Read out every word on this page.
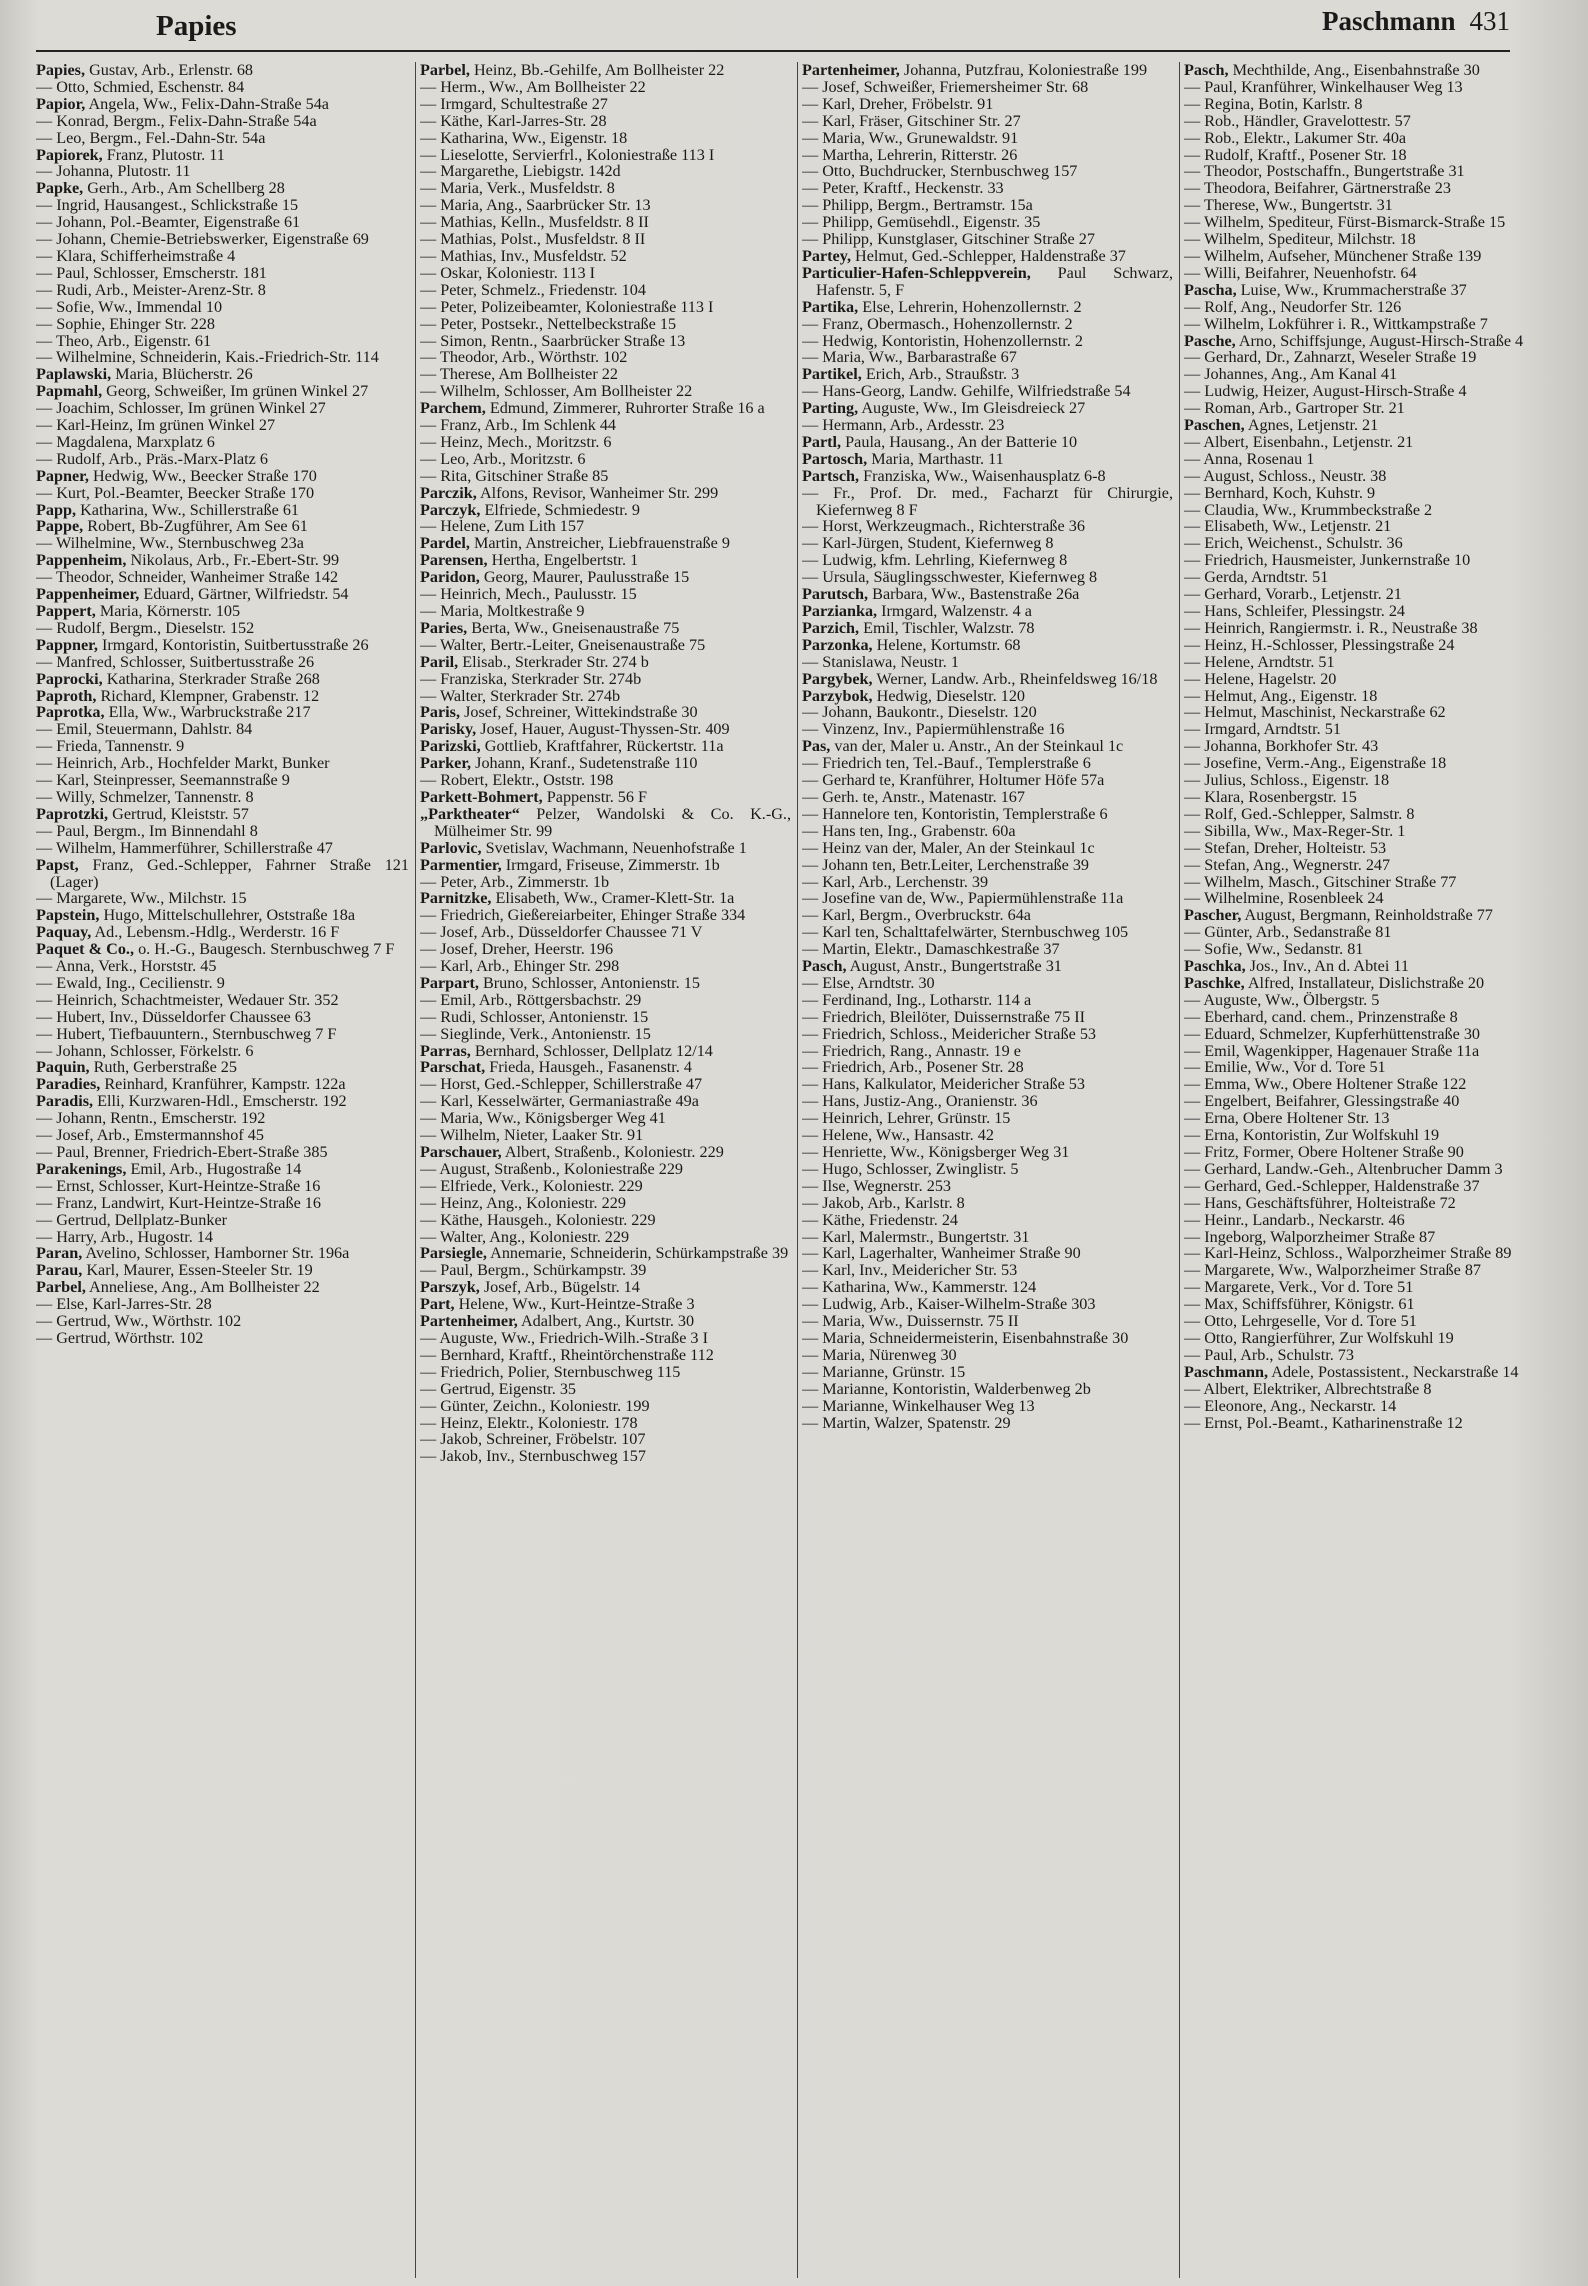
Papies	Paschmann 431

Papies, Gustav, Arb., Erlenstr. 68

— Otto, Schmied, Eschenstr. 84

Papior, Angela, Ww., Felix-Dahn-Straße 54a

— Konrad, Bergm., Felix-Dahn-Straße 54a

— Leo, Bergm., Fel.-Dahn-Str. 54a

Papiorek, Franz, Plutostr. 11

— Johanna, Plutostr. 11

Papke, Gerh., Arb., Am Schellberg 28

— Ingrid, Hausangest., Schlickstraße 15

— Johann, Pol.-Beamter, Eigenstraße 61

— Johann, Chemie-Betriebswerker, Eigenstraße 69

— Klara, Schifferheimstraße 4

— Paul, Schlosser, Emscherstr. 181

— Rudi, Arb., Meister-Arenz-Str. 8

— Sofie, Ww., Immendal 10

— Sophie, Ehinger Str. 228

— Theo, Arb., Eigenstr. 61

— Wilhelmine, Schneiderin, Kais.-Friedrich-Str. 114

Paplawski, Maria, Blücherstr. 26

Papmahl, Georg, Schweißer, Im grünen Winkel 27

— Joachim, Schlosser, Im grünen Winkel 27

— Karl-Heinz, Im grünen Winkel 27

— Magdalena, Marxplatz 6

— Rudolf, Arb., Präs.-Marx-Platz 6

Papner, Hedwig, Ww., Beecker Straße 170

— Kurt, Pol.-Beamter, Beecker Straße 170

Papp, Katharina, Ww., Schillerstraße 61

Pappe, Robert, Bb-Zugführer, Am See 61

— Wilhelmine, Ww., Sternbuschweg 23a

Pappenheim, Nikolaus, Arb., Fr.-Ebert-Str. 99

— Theodor, Schneider, Wanheimer Straße 142

Pappenheimer, Eduard, Gärtner, Wilfriedstr. 54

Pappert, Maria, Körnerstr. 105

— Rudolf, Bergm., Dieselstr. 152

Pappner, Irmgard, Kontoristin, Suitbertusstraße 26

— Manfred, Schlosser, Suitbertusstraße 26

Paprocki, Katharina, Sterkrader Straße 268

Paproth, Richard, Klempner, Grabenstr. 12

Paprotka, Ella, Ww., Warbruckstraße 217

— Emil, Steuermann, Dahlstr. 84

— Frieda, Tannenstr. 9

— Heinrich, Arb., Hochfelder Markt, Bunker

— Karl, Steinpresser, Seemannstraße 9

— Willy, Schmelzer, Tannenstr. 8

Paprotzki, Gertrud, Kleiststr. 57

— Paul, Bergm., Im Binnendahl 8

— Wilhelm, Hammerführer, Schillerstraße 47

Papst, Franz, Ged.-Schlepper, Fahrner Straße 121 (Lager)

— Margarete, Ww., Milchstr. 15

Papstein, Hugo, Mittelschullehrer, Oststraße 18a

Paquay, Ad., Lebensm.-Hdlg., Werderstr. 16 F

Paquet & Co., o. H.-G., Baugesch. Sternbuschweg 7 F

— Anna, Verk., Horststr. 45

— Ewald, Ing., Cecilienstr. 9

— Heinrich, Schachtmeister, Wedauer Str. 352

— Hubert, Inv., Düsseldorfer Chaussee 63

— Hubert, Tiefbauuntern., Sternbuschweg 7 F

— Johann, Schlosser, Förkelstr. 6

Paquin, Ruth, Gerberstraße 25

Paradies, Reinhard, Kranführer, Kampstr. 122a

Paradis, Elli, Kurzwaren-Hdl., Emscherstr. 192

— Johann, Rentn., Emscherstr. 192

— Josef, Arb., Emstermannshof 45

— Paul, Brenner, Friedrich-Ebert-Straße 385

Parakenings, Emil, Arb., Hugostraße 14

— Ernst, Schlosser, Kurt-Heintze-Straße 16

— Franz, Landwirt, Kurt-Heintze-Straße 16

— Gertrud, Dellplatz-Bunker

— Harry, Arb., Hugostr. 14

Paran, Avelino, Schlosser, Hamborner Str. 196a

Parau, Karl, Maurer, Essen-Steeler Str. 19

Parbel, Anneliese, Ang., Am Bollheister 22

— Else, Karl-Jarres-Str. 28

— Gertrud, Ww., Wörthstr. 102

— Gertrud, Wörthstr. 102

Parbel, Heinz, Bb.-Gehilfe, Am Bollheister 22

— Herm., Ww., Am Bollheister 22

— Irmgard, Schultestraße 27

— Käthe, Karl-Jarres-Str. 28

— Katharina, Ww., Eigenstr. 18

— Lieselotte, Servierfrl., Koloniestraße 113 I

— Margarethe, Liebigstr. 142d

— Maria, Verk., Musfeldstr. 8

— Maria, Ang., Saarbrücker Str. 13

— Mathias, Kelln., Musfeldstr. 8 II

— Mathias, Polst., Musfeldstr. 8 II

— Mathias, Inv., Musfeldstr. 52

— Oskar, Koloniestr. 113 I

— Peter, Schmelz., Friedenstr. 104

— Peter, Polizeibeamter, Koloniestraße 113 I

— Peter, Postsekr., Nettelbeckstraße 15

— Simon, Rentn., Saarbrücker Straße 13

— Theodor, Arb., Wörthstr. 102

— Therese, Am Bollheister 22

— Wilhelm, Schlosser, Am Bollheister 22

Parchem, Edmund, Zimmerer, Ruhrorter Straße 16 a

— Franz, Arb., Im Schlenk 44

— Heinz, Mech., Moritzstr. 6

— Leo, Arb., Moritzstr. 6

— Rita, Gitschiner Straße 85

Parczik, Alfons, Revisor, Wanheimer Str. 299

Parczyk, Elfriede, Schmiedestr. 9

— Helene, Zum Lith 157

Pardel, Martin, Anstreicher, Liebfrauenstraße 9

Parensen, Hertha, Engelbertstr. 1

Paridon, Georg, Maurer, Paulusstraße 15

— Heinrich, Mech., Paulusstr. 15

— Maria, Moltkestraße 9

Paries, Berta, Ww., Gneisenaustraße 75

— Walter, Bertr.-Leiter, Gneisenaustraße 75

Paril, Elisab., Sterkrader Str. 274 b

— Franziska, Sterkrader Str. 274b

— Walter, Sterkrader Str. 274b

Paris, Josef, Schreiner, Wittekindstraße 30

Parisky, Josef, Hauer, August-Thyssen-Str. 409

Parizski, Gottlieb, Kraftfahrer, Rückertstr. 11a

Parker, Johann, Kranf., Sudetenstraße 110

— Robert, Elektr., Oststr. 198

Parkett-Bohmert, Pappenstr. 56 F

„Parktheater“ Pelzer, Wandolski & Co. K.-G., Mülheimer Str. 99

Parlovic, Svetislav, Wachmann, Neuenhofstraße 1

Parmentier, Irmgard, Friseuse, Zimmerstr. 1b

— Peter, Arb., Zimmerstr. 1b

Parnitzke, Elisabeth, Ww., Cramer-Klett-Str. 1a

— Friedrich, Gießereiarbeiter, Ehinger Straße 334

— Josef, Arb., Düsseldorfer Chaussee 71 V

— Josef, Dreher, Heerstr. 196

— Karl, Arb., Ehinger Str. 298

Parpart, Bruno, Schlosser, Antonienstr. 15

— Emil, Arb., Röttgersbachstr. 29

— Rudi, Schlosser, Antonienstr. 15

— Sieglinde, Verk., Antonienstr. 15

Parras, Bernhard, Schlosser, Dellplatz 12/14

Parschat, Frieda, Hausgeh., Fasanenstr. 4

— Horst, Ged.-Schlepper, Schillerstraße 47

— Karl, Kesselwärter, Germaniastraße 49a

— Maria, Ww., Königsberger Weg 41

— Wilhelm, Nieter, Laaker Str. 91

Parschauer, Albert, Straßenb., Koloniestr. 229

— August, Straßenb., Koloniestraße 229

— Elfriede, Verk., Koloniestr. 229

— Heinz, Ang., Koloniestr. 229

— Käthe, Hausgeh., Koloniestr. 229

— Walter, Ang., Koloniestr. 229

Parsiegle, Annemarie, Schneiderin, Schürkampstraße 39

— Paul, Bergm., Schürkampstr. 39

Parszyk, Josef, Arb., Bügelstr. 14

Part, Helene, Ww., Kurt-Heintze-Straße 3

Partenheimer, Adalbert, Ang., Kurtstr. 30

— Auguste, Ww., Friedrich-Wilh.-Straße 3 I

— Bernhard, Kraftf., Rheintörchenstraße 112

— Friedrich, Polier, Sternbuschweg 115

— Gertrud, Eigenstr. 35

— Günter, Zeichn., Koloniestr. 199

— Heinz, Elektr., Koloniestr. 178

— Jakob, Schreiner, Fröbelstr. 107

— Jakob, Inv., Sternbuschweg 157

Partenheimer, Johanna, Putzfrau, Koloniestraße 199

— Josef, Schweißer, Friemersheimer Str. 68

— Karl, Dreher, Fröbelstr. 91

— Karl, Fräser, Gitschiner Str. 27

— Maria, Ww., Grunewaldstr. 91

— Martha, Lehrerin, Ritterstr. 26

— Otto, Buchdrucker, Sternbuschweg 157

— Peter, Kraftf., Heckenstr. 33

— Philipp, Bergm., Bertramstr. 15a

— Philipp, Gemüsehdl., Eigenstr. 35

— Philipp, Kunstglaser, Gitschiner Straße 27

Partey, Helmut, Ged.-Schlepper, Haldenstraße 37

Particulier-Hafen-Schleppverein, Paul Schwarz, Hafenstr. 5, F

Partika, Else, Lehrerin, Hohenzollernstr. 2

— Franz, Obermasch., Hohenzollernstr. 2

— Hedwig, Kontoristin, Hohenzollernstr. 2

— Maria, Ww., Barbarastraße 67

Partikel, Erich, Arb., Straußstr. 3

— Hans-Georg, Landw. Gehilfe, Wilfriedstraße 54

Parting, Auguste, Ww., Im Gleisdreieck 27

— Hermann, Arb., Ardesstr. 23

Partl, Paula, Hausang., An der Batterie 10

Partosch, Maria, Marthastr. 11

Partsch, Franziska, Ww., Waisenhausplatz 6-8

— Fr., Prof. Dr. med., Facharzt für Chirurgie, Kiefernweg 8 F

— Horst, Werkzeugmach., Richterstraße 36

— Karl-Jürgen, Student, Kiefernweg 8

— Ludwig, kfm. Lehrling, Kiefernweg 8

— Ursula, Säuglingsschwester, Kiefernweg 8

Parutsch, Barbara, Ww., Bastenstraße 26a

Parzianka, Irmgard, Walzenstr. 4 a

Parzich, Emil, Tischler, Walzstr. 78

Parzonka, Helene, Kortumstr. 68

— Stanislawa, Neustr. 1

Pargybek, Werner, Landw. Arb., Rheinfeldsweg 16/18

Parzybok, Hedwig, Dieselstr. 120

— Johann, Baukontr., Dieselstr. 120

— Vinzenz, Inv., Papiermühlenstraße 16

Pas, van der, Maler u. Anstr., An der Steinkaul 1c

— Friedrich ten, Tel.-Bauf., Templerstraße 6

— Gerhard te, Kranführer, Holtumer Höfe 57a

— Gerh. te, Anstr., Matenastr. 167

— Hannelore ten, Kontoristin, Templerstraße 6

— Hans ten, Ing., Grabenstr. 60a

— Heinz van der, Maler, An der Steinkaul 1c

— Johann ten, Betr.Leiter, Lerchenstraße 39

— Karl, Arb., Lerchenstr. 39

— Josefine van de, Ww., Papiermühlenstraße 11a

— Karl, Bergm., Overbruckstr. 64a

— Karl ten, Schalttafelwärter, Sternbuschweg 105

— Martin, Elektr., Damaschkestraße 37

Pasch, August, Anstr., Bungertstraße 31

— Else, Arndtstr. 30

— Ferdinand, Ing., Lotharstr. 114 a

— Friedrich, Bleilöter, Duissernstraße 75 II

— Friedrich, Schloss., Meidericher Straße 53

— Friedrich, Rang., Annastr. 19 e

— Friedrich, Arb., Posener Str. 28

— Hans, Kalkulator, Meidericher Straße 53

— Hans, Justiz-Ang., Oranienstr. 36

— Heinrich, Lehrer, Grünstr. 15

— Helene, Ww., Hansastr. 42

— Henriette, Ww., Königsberger Weg 31

— Hugo, Schlosser, Zwinglistr. 5

— Ilse, Wegnerstr. 253

— Jakob, Arb., Karlstr. 8

— Käthe, Friedenstr. 24

— Karl, Malermstr., Bungertstr. 31

— Karl, Lagerhalter, Wanheimer Straße 90

— Karl, Inv., Meidericher Str. 53

— Katharina, Ww., Kammerstr. 124

— Ludwig, Arb., Kaiser-Wilhelm-Straße 303

— Maria, Ww., Duissernstr. 75 II

— Maria, Schneidermeisterin, Eisenbahnstraße 30

— Maria, Nürenweg 30

— Marianne, Grünstr. 15

— Marianne, Kontoristin, Walderbenweg 2b

— Marianne, Winkelhauser Weg 13

— Martin, Walzer, Spatenstr. 29

Pasch, Mechthilde, Ang., Eisenbahnstraße 30

— Paul, Kranführer, Winkelhauser Weg 13

— Regina, Botin, Karlstr. 8

— Rob., Händler, Gravelottestr. 57

— Rob., Elektr., Lakumer Str. 40a

— Rudolf, Kraftf., Posener Str. 18

— Theodor, Postschaffn., Bungertstraße 31

— Theodora, Beifahrer, Gärtnerstraße 23

— Therese, Ww., Bungertstr. 31

— Wilhelm, Spediteur, Fürst-Bismarck-Straße 15

— Wilhelm, Spediteur, Milchstr. 18

— Wilhelm, Aufseher, Münchener Straße 139

— Willi, Beifahrer, Neuenhofstr. 64

Pascha, Luise, Ww., Krummacherstraße 37

— Rolf, Ang., Neudorfer Str. 126

— Wilhelm, Lokführer i. R., Wittkampstraße 7

Pasche, Arno, Schiffsjunge, August-Hirsch-Straße 4

— Gerhard, Dr., Zahnarzt, Weseler Straße 19

— Johannes, Ang., Am Kanal 41

— Ludwig, Heizer, August-Hirsch-Straße 4

— Roman, Arb., Gartroper Str. 21

Paschen, Agnes, Letjenstr. 21

— Albert, Eisenbahn., Letjenstr. 21

— Anna, Rosenau 1

— August, Schloss., Neustr. 38

— Bernhard, Koch, Kuhstr. 9

— Claudia, Ww., Krummbeckstraße 2

— Elisabeth, Ww., Letjenstr. 21

— Erich, Weichenst., Schulstr. 36

— Friedrich, Hausmeister, Junkernstraße 10

— Gerda, Arndtstr. 51

— Gerhard, Vorarb., Letjenstr. 21

— Hans, Schleifer, Plessingstr. 24

— Heinrich, Rangiermstr. i. R., Neustraße 38

— Heinz, H.-Schlosser, Plessingstraße 24

— Helene, Arndtstr. 51

— Helene, Hagelstr. 20

— Helmut, Ang., Eigenstr. 18

— Helmut, Maschinist, Neckarstraße 62

— Irmgard, Arndtstr. 51

— Johanna, Borkhofer Str. 43

— Josefine, Verm.-Ang., Eigenstraße 18

— Julius, Schloss., Eigenstr. 18

— Klara, Rosenbergstr. 15

— Rolf, Ged.-Schlepper, Salmstr. 8

— Sibilla, Ww., Max-Reger-Str. 1

— Stefan, Dreher, Holteistr. 53

— Stefan, Ang., Wegnerstr. 247

— Wilhelm, Masch., Gitschiner Straße 77

— Wilhelmine, Rosenbleek 24

Pascher, August, Bergmann, Reinholdstraße 77

— Günter, Arb., Sedanstraße 81

— Sofie, Ww., Sedanstr. 81

Paschka, Jos., Inv., An d. Abtei 11

Paschke, Alfred, Installateur, Dislichstraße 20

— Auguste, Ww., Ölbergstr. 5

— Eberhard, cand. chem., Prinzenstraße 8

— Eduard, Schmelzer, Kupferhüttenstraße 30

— Emil, Wagenkipper, Hagenauer Straße 11a

— Emilie, Ww., Vor d. Tore 51

— Emma, Ww., Obere Holtener Straße 122

— Engelbert, Beifahrer, Glessingstraße 40

— Erna, Obere Holtener Str. 13

— Erna, Kontoristin, Zur Wolfskuhl 19

— Fritz, Former, Obere Holtener Straße 90

— Gerhard, Landw.-Geh., Altenbrucher Damm 3

— Gerhard, Ged.-Schlepper, Haldenstraße 37

— Hans, Geschäftsführer, Holteistraße 72

— Heinr., Landarb., Neckarstr. 46

— Ingeborg, Walporzheimer Straße 87

— Karl-Heinz, Schloss., Walporzheimer Straße 89

— Margarete, Ww., Walporzheimer Straße 87

— Margarete, Verk., Vor d. Tore 51

— Max, Schiffsführer, Königstr. 61

— Otto, Lehrgeselle, Vor d. Tore 51

— Otto, Rangierführer, Zur Wolfskuhl 19

— Paul, Arb., Schulstr. 73

Paschmann, Adele, Postassistent., Neckarstraße 14

— Albert, Elektriker, Albrechtstraße 8

— Eleonore, Ang., Neckarstr. 14

— Ernst, Pol.-Beamt., Katharinenstraße 12
